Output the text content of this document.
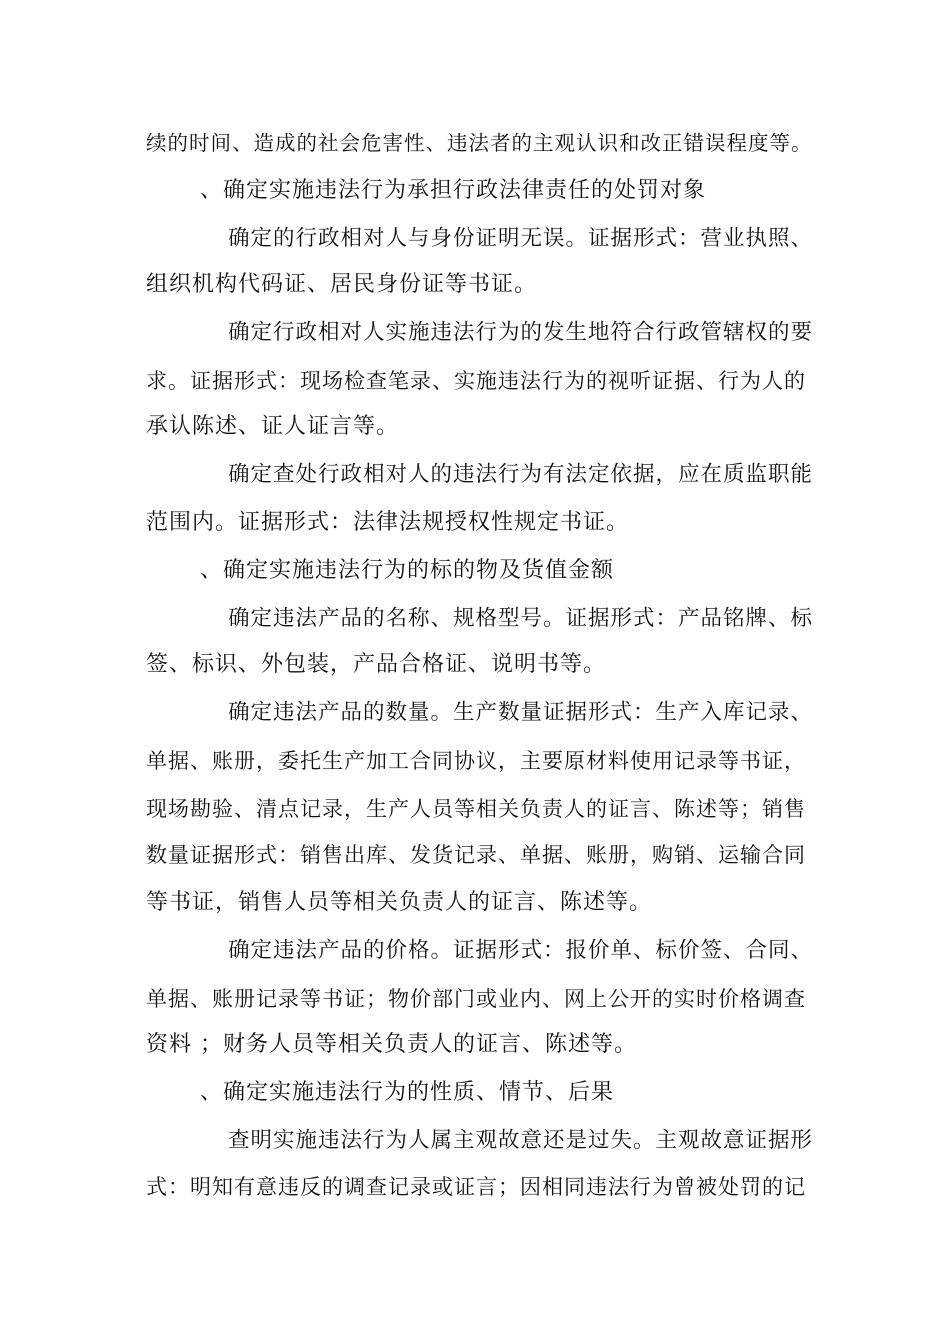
续的时间、造成的社会危害性、违法者的主观认识和改正错误程度等。
、确定实施违法行为承担行政法律责任的处罚对象
确定的行政相对人与身份证明无误。证据形式：营业执照、
组织机构代码证、居民身份证等书证。
确定行政相对人实施违法行为的发生地符合行政管辖权的要
求。证据形式：现场检查笔录、实施违法行为的视听证据、行为人的
承认陈述、证人证言等。
确定查处行政相对人的违法行为有法定依据，应在质监职能
范围内。证据形式：法律法规授权性规定书证。
、确定实施违法行为的标的物及货值金额
确定违法产品的名称、规格型号。证据形式：产品铭牌、标
签、标识、外包装，产品合格证、说明书等。
确定违法产品的数量。生产数量证据形式：生产入库记录、
单据、账册，委托生产加工合同协议，主要原材料使用记录等书证，
现场勘验、清点记录，生产人员等相关负责人的证言、陈述等；销售
数量证据形式：销售出库、发货记录、单据、账册，购销、运输合同
等书证，销售人员等相关负责人的证言、陈述等。
确定违法产品的价格。证据形式：报价单、标价签、合同、
单据、账册记录等书证；物价部门或业内、网上公开的实时价格调查
资料 ；财务人员等相关负责人的证言、陈述等。
、确定实施违法行为的性质、情节、后果
查明实施违法行为人属主观故意还是过失。主观故意证据形
式：明知有意违反的调查记录或证言；因相同违法行为曾被处罚的记
